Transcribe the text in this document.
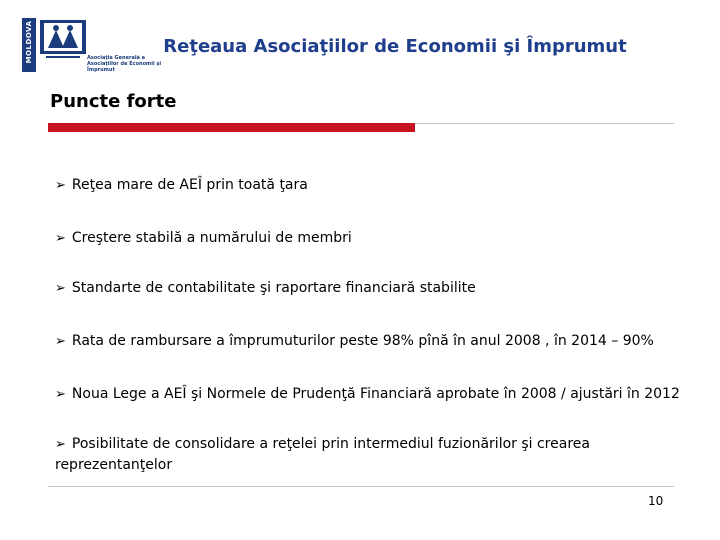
MOLDOVA	Asociaţia Generală a Asociaţiilor de Economii şi Împrumut
Reţeaua Asociaţiilor de Economii şi Împrumut
Puncte forte
➢ Reţea mare de AEÎ prin toată ţara
➢ Creştere stabilă a numărului de membri
➢ Standarte de contabilitate şi raportare financiară stabilite
➢ Rata de rambursare a împrumuturilor peste 98% pînă în anul 2008 , în 2014 – 90%
➢ Noua Lege a AEÎ şi Normele de Prudenţă Financiară aprobate în 2008 / ajustări în 2012
➢ Posibilitate de consolidare a reţelei prin intermediul fuzionărilor şi crearea reprezentanţelor
10
